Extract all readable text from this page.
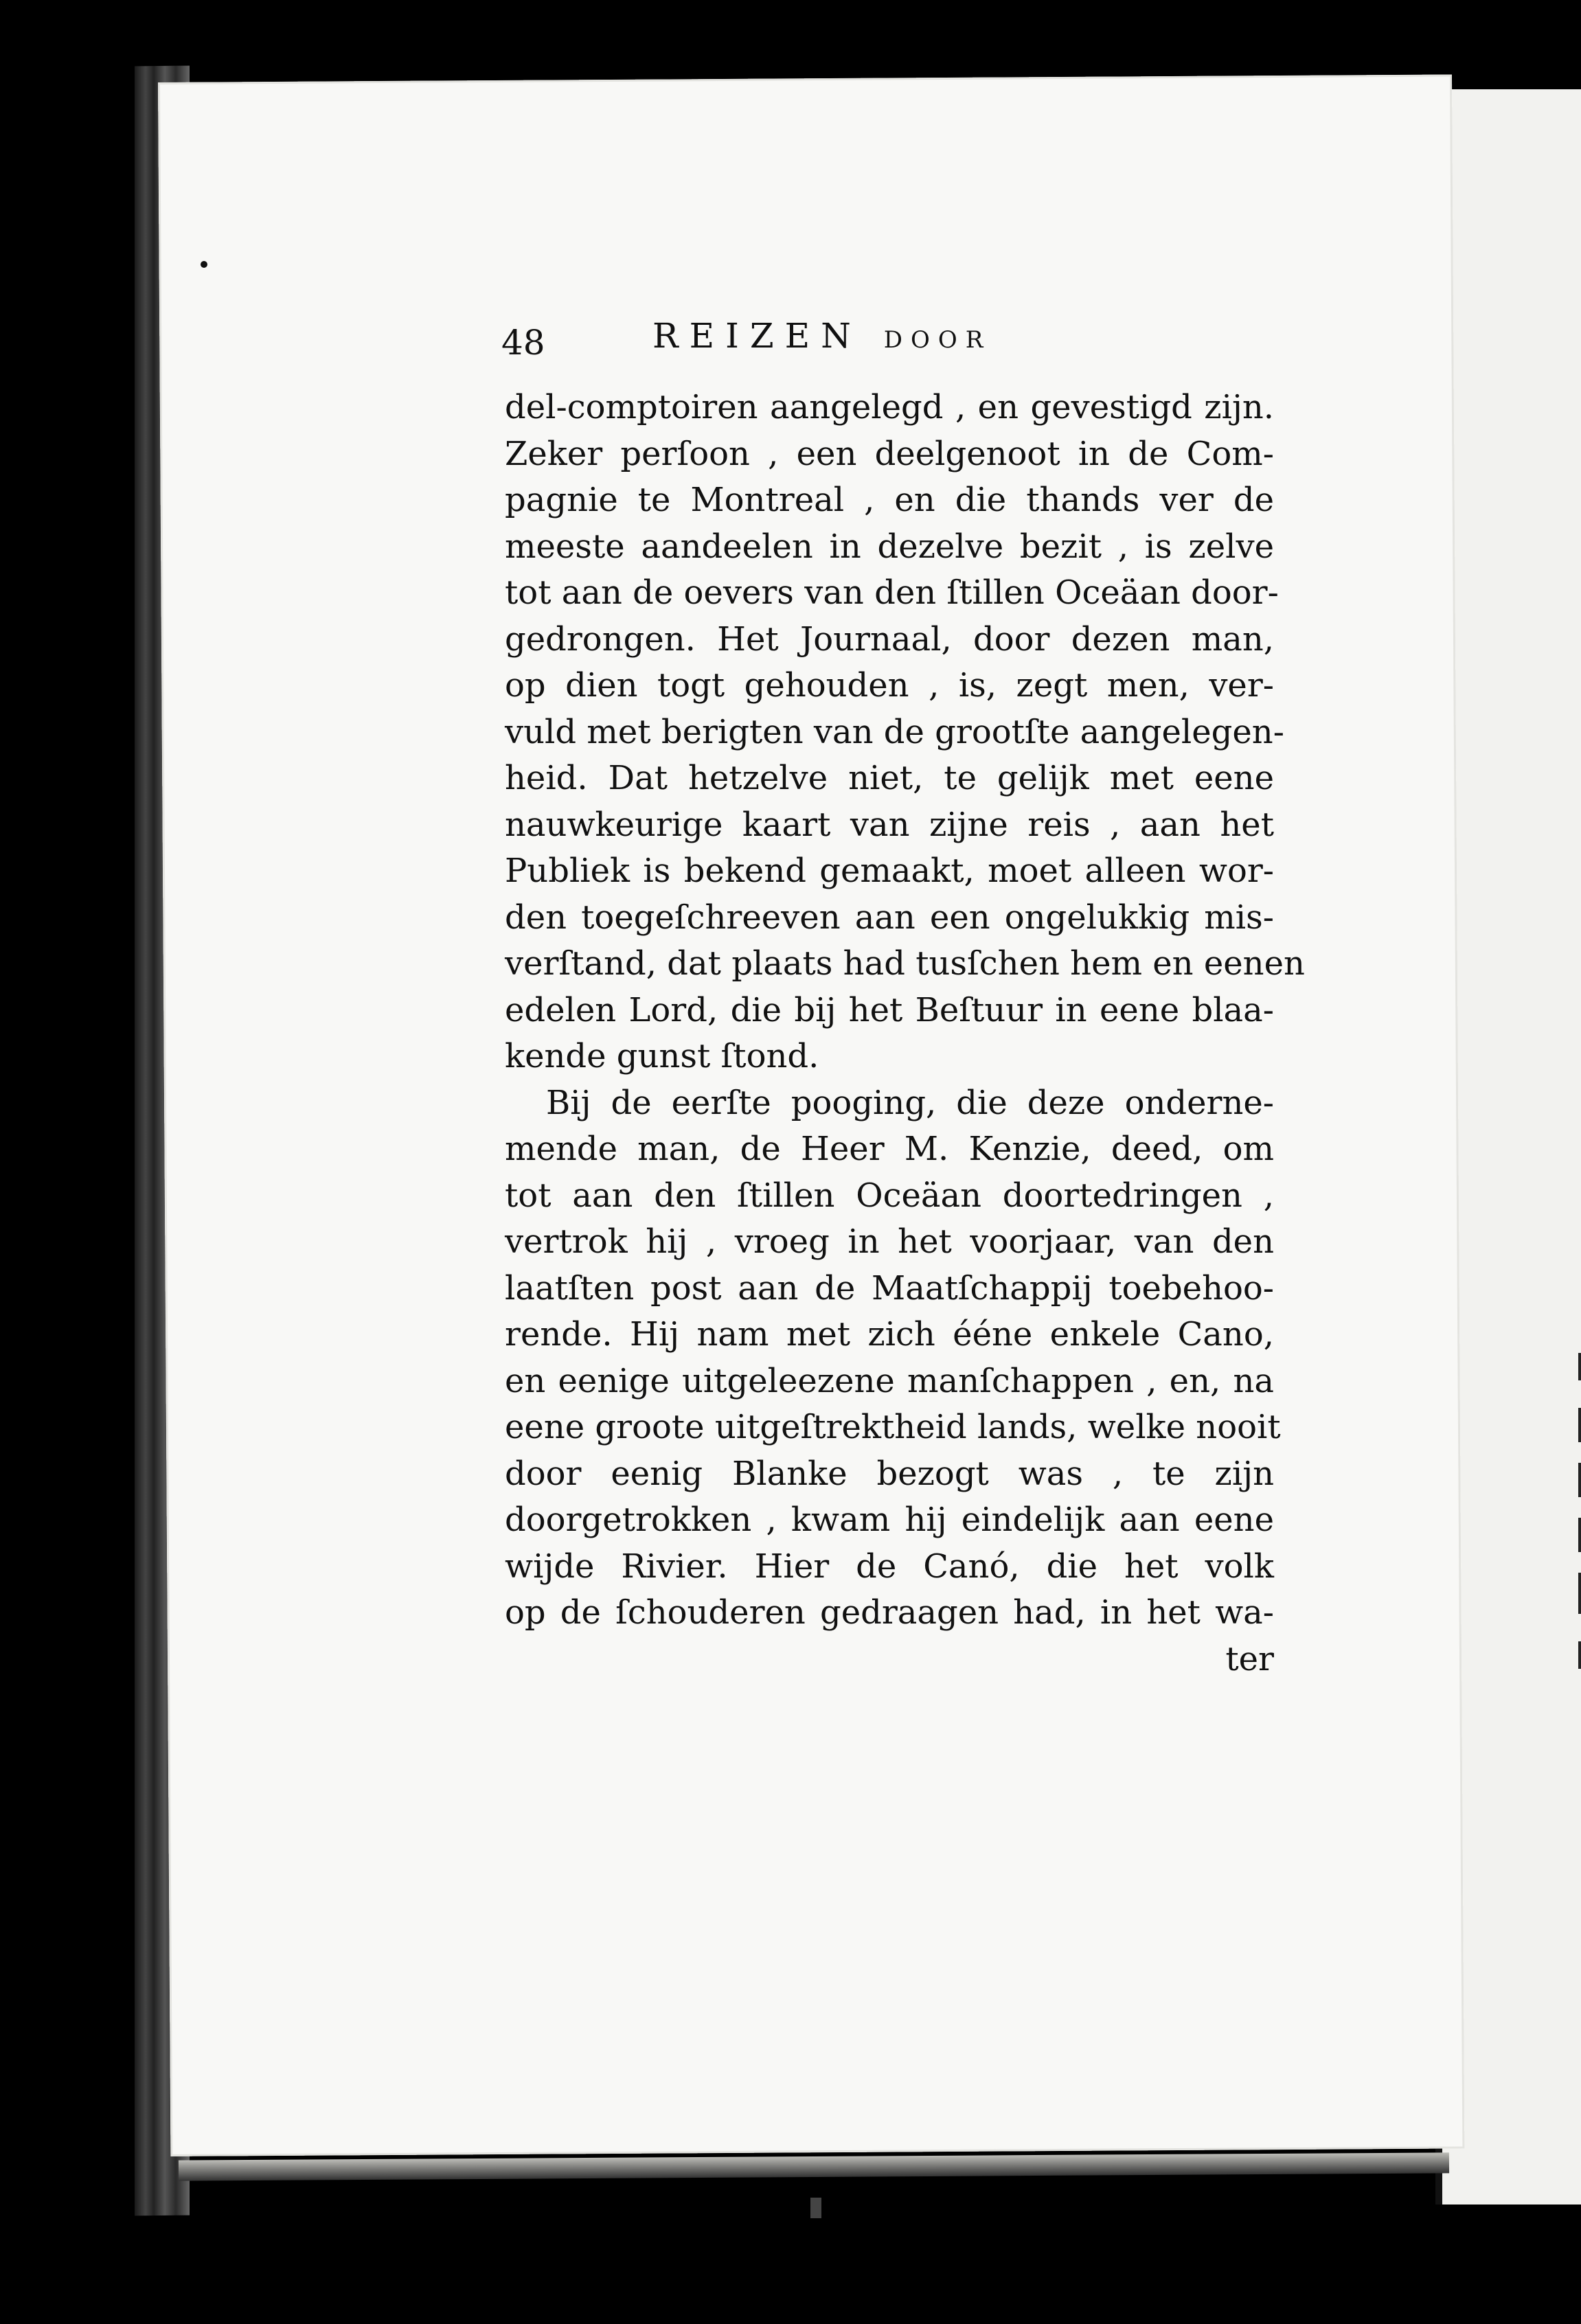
48	REIZEN DOOR
del-comptoiren aangelegd , en gevestigd zijn.
Zeker perſoon , een deelgenoot in de Com-
pagnie te Montreal , en die thands ver de
meeste aandeelen in dezelve bezit , is zelve
tot aan de oevers van den ſtillen Oceäan door-
gedrongen. Het Journaal, door dezen man,
op dien togt gehouden , is, zegt men, ver-
vuld met berigten van de grootſte aangelegen-
heid. Dat hetzelve niet, te gelijk met eene
nauwkeurige kaart van zijne reis , aan het
Publiek is bekend gemaakt, moet alleen wor-
den toegeſchreeven aan een ongelukkig mis-
verſtand, dat plaats had tusſchen hem en eenen
edelen Lord, die bij het Beſtuur in eene blaa-
kende gunst ſtond.
Bij de eerſte pooging, die deze onderne-
mende man, de Heer M. Kenzie, deed, om
tot aan den ſtillen Oceäan doortedringen ,
vertrok hij , vroeg in het voorjaar, van den
laatſten post aan de Maatſchappij toebehoo-
rende. Hij nam met zich ééne enkele Cano,
en eenige uitgeleezene manſchappen , en, na
eene groote uitgeſtrektheid lands, welke nooit
door eenig Blanke bezogt was , te zijn
doorgetrokken , kwam hij eindelijk aan eene
wijde Rivier. Hier de Canó, die het volk
op de ſchouderen gedraagen had, in het wa-
ter
